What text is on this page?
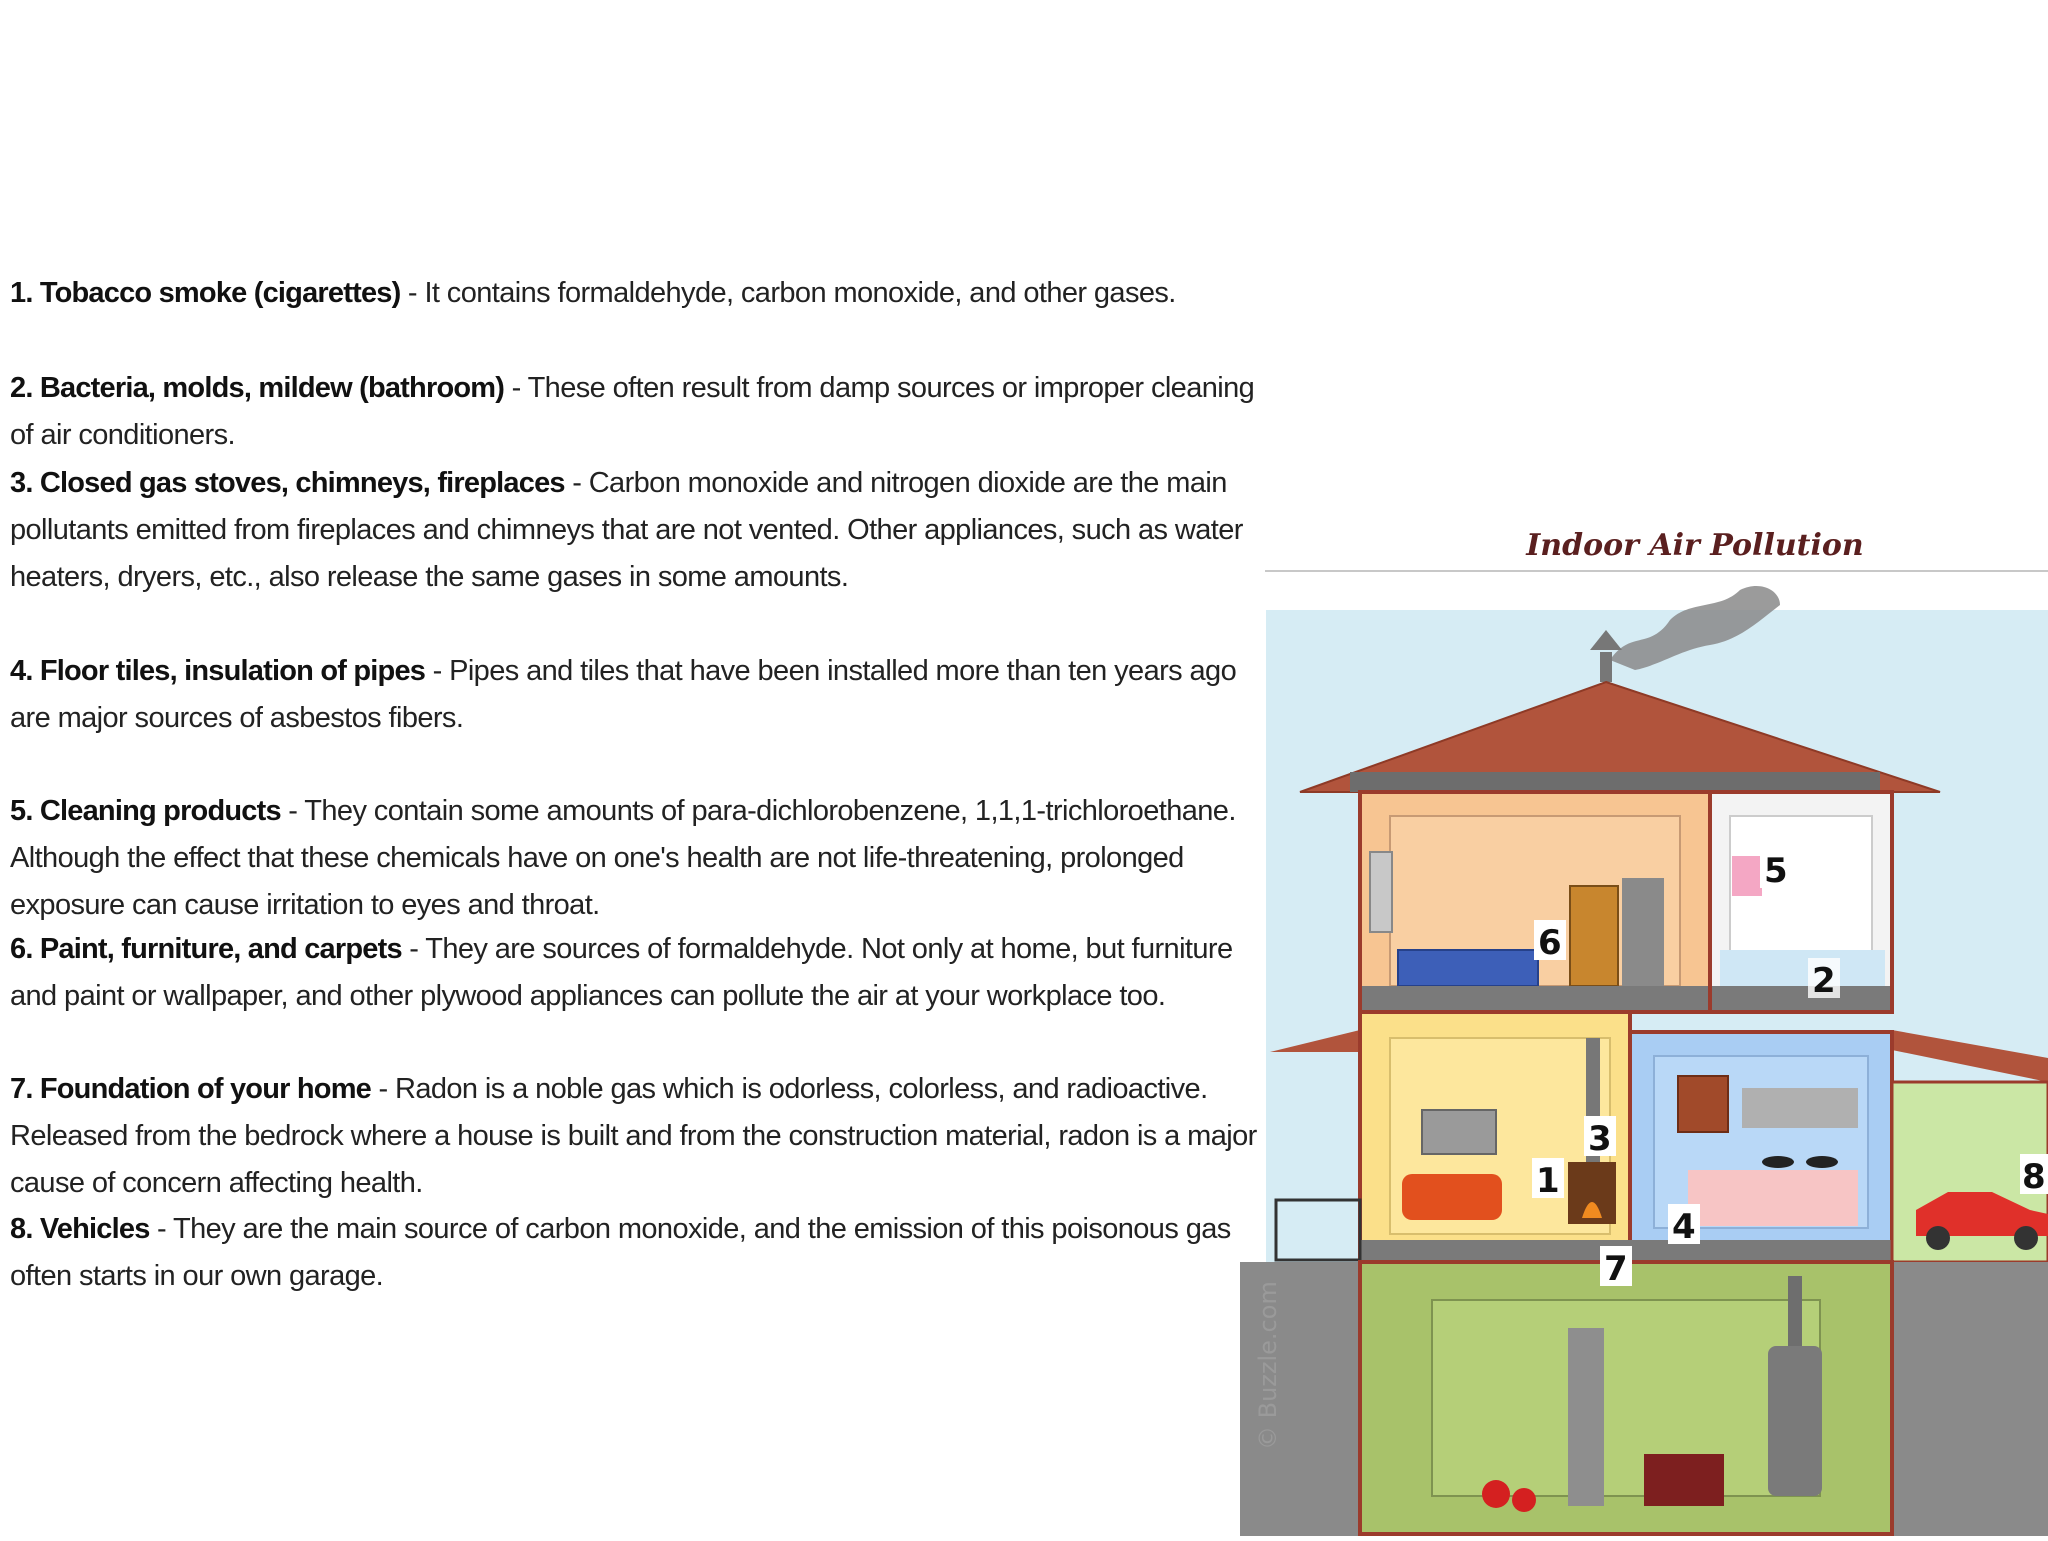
1. Tobacco smoke (cigarettes) - It contains formaldehyde, carbon monoxide, and other gases.
2. Bacteria, molds, mildew (bathroom) - These often result from damp sources or improper cleaning of air conditioners.
3. Closed gas stoves, chimneys, fireplaces - Carbon monoxide and nitrogen dioxide are the main pollutants emitted from fireplaces and chimneys that are not vented. Other appliances, such as water heaters, dryers, etc., also release the same gases in some amounts.
4. Floor tiles, insulation of pipes - Pipes and tiles that have been installed more than ten years ago are major sources of asbestos fibers.
5. Cleaning products - They contain some amounts of para-dichlorobenzene, 1,1,1-trichloroethane. Although the effect that these chemicals have on one's health are not life-threatening, prolonged exposure can cause irritation to eyes and throat.
6. Paint, furniture, and carpets - They are sources of formaldehyde. Not only at home, but furniture and paint or wallpaper, and other plywood appliances can pollute the air at your workplace too.
7. Foundation of your home - Radon is a noble gas which is odorless, colorless, and radioactive. Released from the bedrock where a house is built and from the construction material, radon is a major cause of concern affecting health.
8. Vehicles - They are the main source of carbon monoxide, and the emission of this poisonous gas often starts in our own garage.
Indoor Air Pollution
© Buzzle.com
1
2
3
4
5
6
7
8
